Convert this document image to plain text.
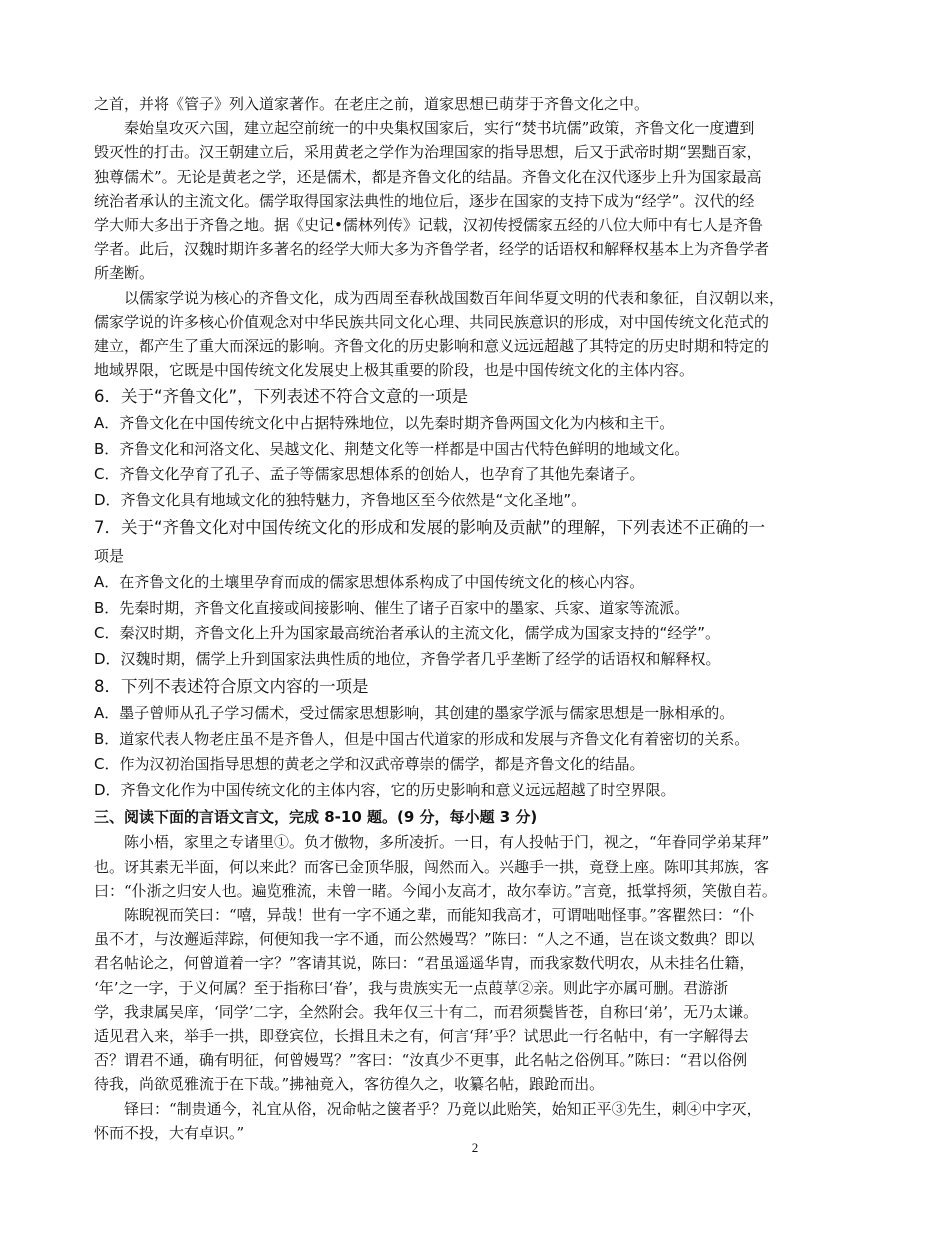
之首，并将《管子》列入道家著作。在老庄之前，道家思想已萌芽于齐鲁文化之中。

秦始皇攻灭六国，建立起空前统一的中央集权国家后，实行“焚书坑儒”政策，齐鲁文化一度遭到

毁灭性的打击。汉王朝建立后，采用黄老之学作为治理国家的指导思想，后又于武帝时期“罢黜百家，

独尊儒术”。无论是黄老之学，还是儒术，都是齐鲁文化的结晶。齐鲁文化在汉代逐步上升为国家最高

统治者承认的主流文化。儒学取得国家法典性的地位后，逐步在国家的支持下成为“经学”。汉代的经

学大师大多出于齐鲁之地。据《史记•儒林列传》记载，汉初传授儒家五经的八位大师中有七人是齐鲁

学者。此后，汉魏时期许多著名的经学大师大多为齐鲁学者，经学的话语权和解释权基本上为齐鲁学者

所垄断。

以儒家学说为核心的齐鲁文化，成为西周至春秋战国数百年间华夏文明的代表和象征，自汉朝以来，

儒家学说的许多核心价值观念对中华民族共同文化心理、共同民族意识的形成，对中国传统文化范式的

建立，都产生了重大而深远的影响。齐鲁文化的历史影响和意义远远超越了其特定的历史时期和特定的

地域界限，它既是中国传统文化发展史上极其重要的阶段，也是中国传统文化的主体内容。

6．关于“齐鲁文化”，下列表述不符合文意的一项是

A．齐鲁文化在中国传统文化中占据特殊地位，以先秦时期齐鲁两国文化为内核和主干。

B．齐鲁文化和河洛文化、吴越文化、荆楚文化等一样都是中国古代特色鲜明的地域文化。

C．齐鲁文化孕育了孔子、孟子等儒家思想体系的创始人，也孕育了其他先秦诸子。

D．齐鲁文化具有地域文化的独特魅力，齐鲁地区至今依然是“文化圣地”。

7．关于“齐鲁文化对中国传统文化的形成和发展的影响及贡献”的理解，下列表述不正确的一

项是

A．在齐鲁文化的土壤里孕育而成的儒家思想体系构成了中国传统文化的核心内容。

B．先秦时期，齐鲁文化直接或间接影响、催生了诸子百家中的墨家、兵家、道家等流派。

C．秦汉时期，齐鲁文化上升为国家最高统治者承认的主流文化，儒学成为国家支持的“经学”。

D．汉魏时期，儒学上升到国家法典性质的地位，齐鲁学者几乎垄断了经学的话语权和解释权。

8．下列不表述符合原文内容的一项是

A．墨子曾师从孔子学习儒术，受过儒家思想影响，其创建的墨家学派与儒家思想是一脉相承的。

B．道家代表人物老庄虽不是齐鲁人，但是中国古代道家的形成和发展与齐鲁文化有着密切的关系。

C．作为汉初治国指导思想的黄老之学和汉武帝尊崇的儒学，都是齐鲁文化的结晶。

D．齐鲁文化作为中国传统文化的主体内容，它的历史影响和意义远远超越了时空界限。

三、阅读下面的言语文言文，完成 8-10 题。(9 分，每小题 3 分)

陈小梧，家里之专诸里①。负才傲物，多所凌折。一日，有人投帖于门，视之，“年眷同学弟某拜”

也。讶其素无半面，何以来此？而客已金顶华服，闯然而入。兴趣手一拱，竟登上座。陈叩其邦族，客

曰：“仆浙之归安人也。遍览雅流，未曾一睹。今闻小友高才，故尔奉访。”言竟，抵掌捋须，笑傲自若。

陈睨视而笑曰：“嘻，异哉！世有一字不通之辈，而能知我高才，可谓咄咄怪事。”客瞿然曰：“仆

虽不才，与汝邂逅萍踪，何便知我一字不通，而公然嫚骂？”陈曰：“人之不通，岂在谈文数典？即以

君名帖论之，何曾道着一字？”客请其说，陈曰：“君虽遥遥华胄，而我家数代明农，从未挂名仕籍，

‘年’之一字，于义何属？至于指称曰‘眷’，我与贵族实无一点葭莩②亲。则此字亦属可删。君游浙

学，我隶属吴庠，‘同学’二字，全然附会。我年仅三十有二，而君须鬓皆苍，自称曰‘弟’，无乃太谦。

适见君入来，举手一拱，即登宾位，长揖且未之有，何言‘拜’乎？试思此一行名帖中，有一字解得去

否？谓君不通，确有明征，何曾嫚骂？”客曰：“汝真少不更事，此名帖之俗例耳。”陈曰：“君以俗例

待我，尚欲觅雅流于在下哉。”拂袖竟入，客彷徨久之，收纂名帖，踉跄而出。

铎曰：“制贵通今，礼宜从俗，况命帖之箧者乎？乃竟以此贻笑，始知正平③先生，刺④中字灭，

怀而不投，大有卓识。”

2
